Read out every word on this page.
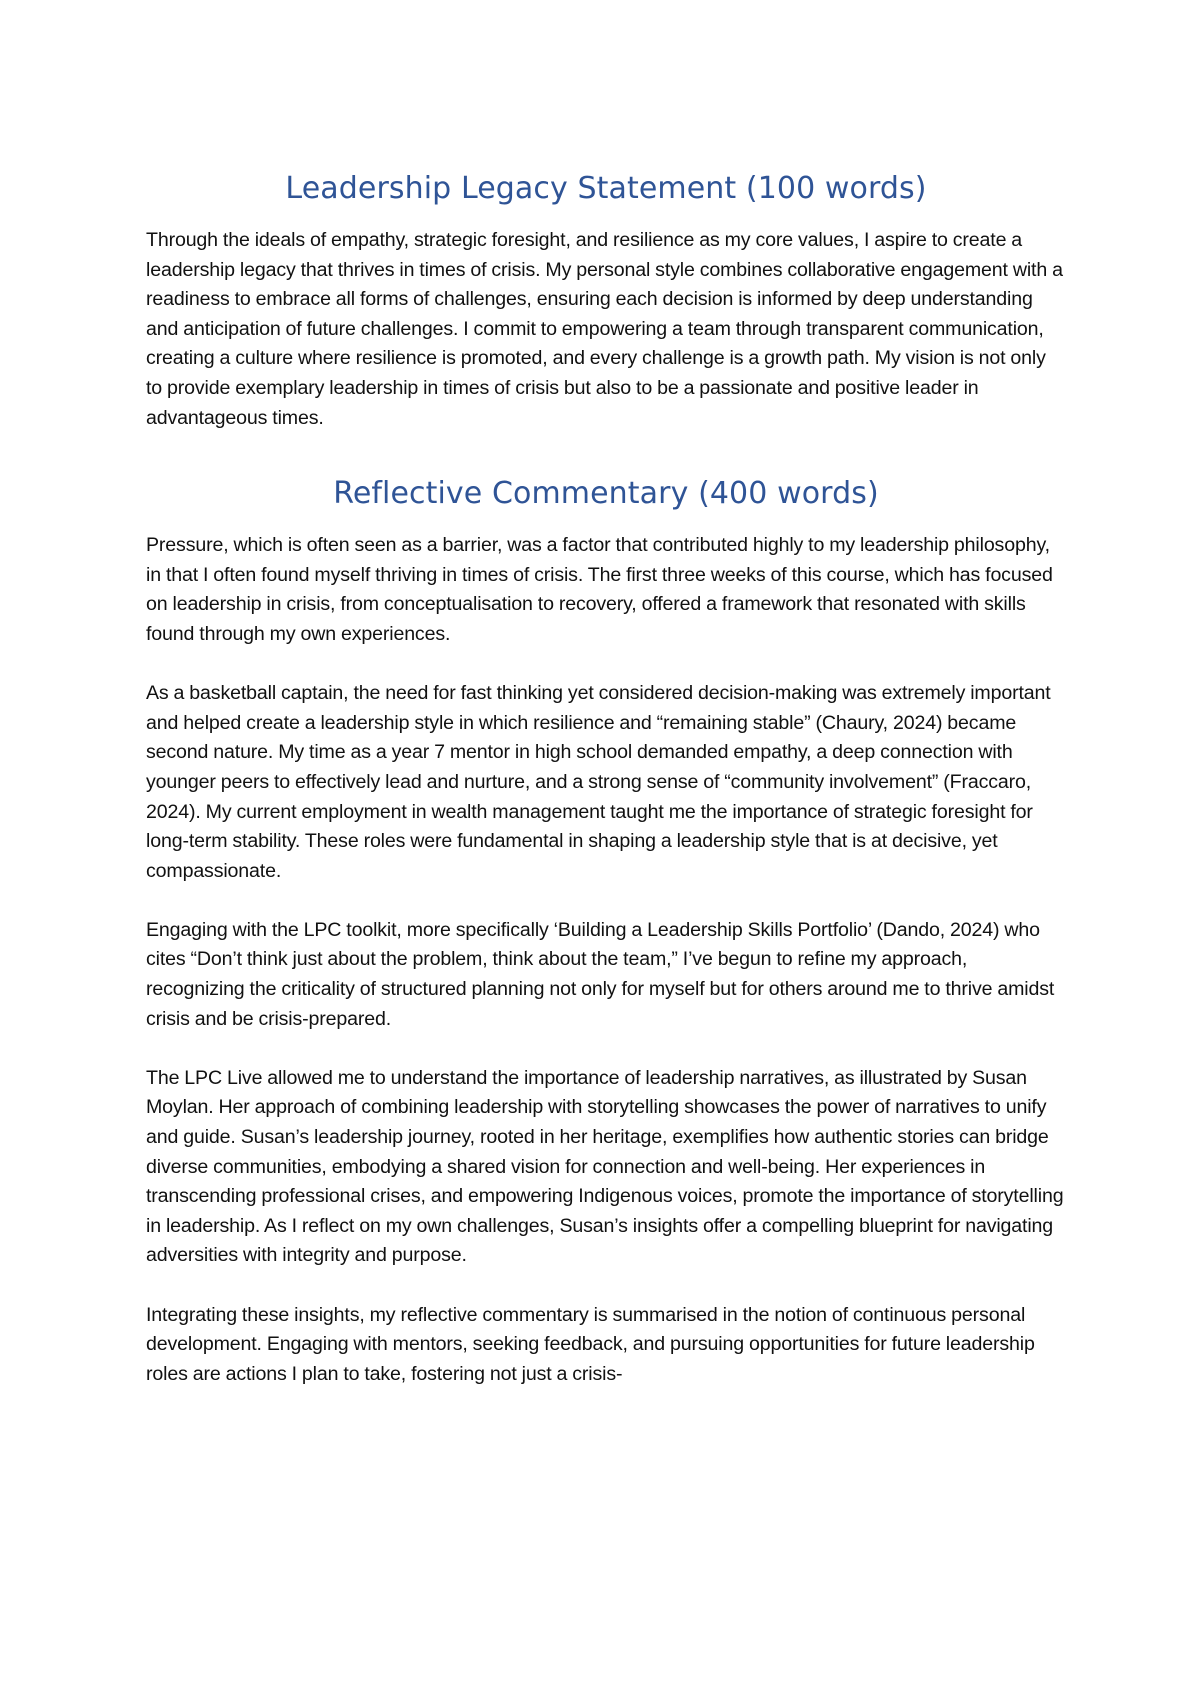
Leadership Legacy Statement (100 words)

Through the ideals of empathy, strategic foresight, and resilience as my core values, I aspire to create a leadership legacy that thrives in times of crisis. My personal style combines collaborative engagement with a readiness to embrace all forms of challenges, ensuring each decision is informed by deep understanding and anticipation of future challenges. I commit to empowering a team through transparent communication, creating a culture where resilience is promoted, and every challenge is a growth path. My vision is not only to provide exemplary leadership in times of crisis but also to be a passionate and positive leader in advantageous times.

Reflective Commentary (400 words)

Pressure, which is often seen as a barrier, was a factor that contributed highly to my leadership philosophy, in that I often found myself thriving in times of crisis. The first three weeks of this course, which has focused on leadership in crisis, from conceptualisation to recovery, offered a framework that resonated with skills found through my own experiences.

As a basketball captain, the need for fast thinking yet considered decision-making was extremely important and helped create a leadership style in which resilience and “remaining stable” (Chaury, 2024) became second nature. My time as a year 7 mentor in high school demanded empathy, a deep connection with younger peers to effectively lead and nurture, and a strong sense of “community involvement” (Fraccaro, 2024). My current employment in wealth management taught me the importance of strategic foresight for long-term stability. These roles were fundamental in shaping a leadership style that is at decisive, yet compassionate.

Engaging with the LPC toolkit, more specifically ‘Building a Leadership Skills Portfolio’ (Dando, 2024) who cites “Don’t think just about the problem, think about the team,” I’ve begun to refine my approach, recognizing the criticality of structured planning not only for myself but for others around me to thrive amidst crisis and be crisis-prepared.

The LPC Live allowed me to understand the importance of leadership narratives, as illustrated by Susan Moylan. Her approach of combining leadership with storytelling showcases the power of narratives to unify and guide. Susan’s leadership journey, rooted in her heritage, exemplifies how authentic stories can bridge diverse communities, embodying a shared vision for connection and well-being. Her experiences in transcending professional crises, and empowering Indigenous voices, promote the importance of storytelling in leadership. As I reflect on my own challenges, Susan’s insights offer a compelling blueprint for navigating adversities with integrity and purpose.

Integrating these insights, my reflective commentary is summarised in the notion of continuous personal development. Engaging with mentors, seeking feedback, and pursuing opportunities for future leadership roles are actions I plan to take, fostering not just a crisis-
